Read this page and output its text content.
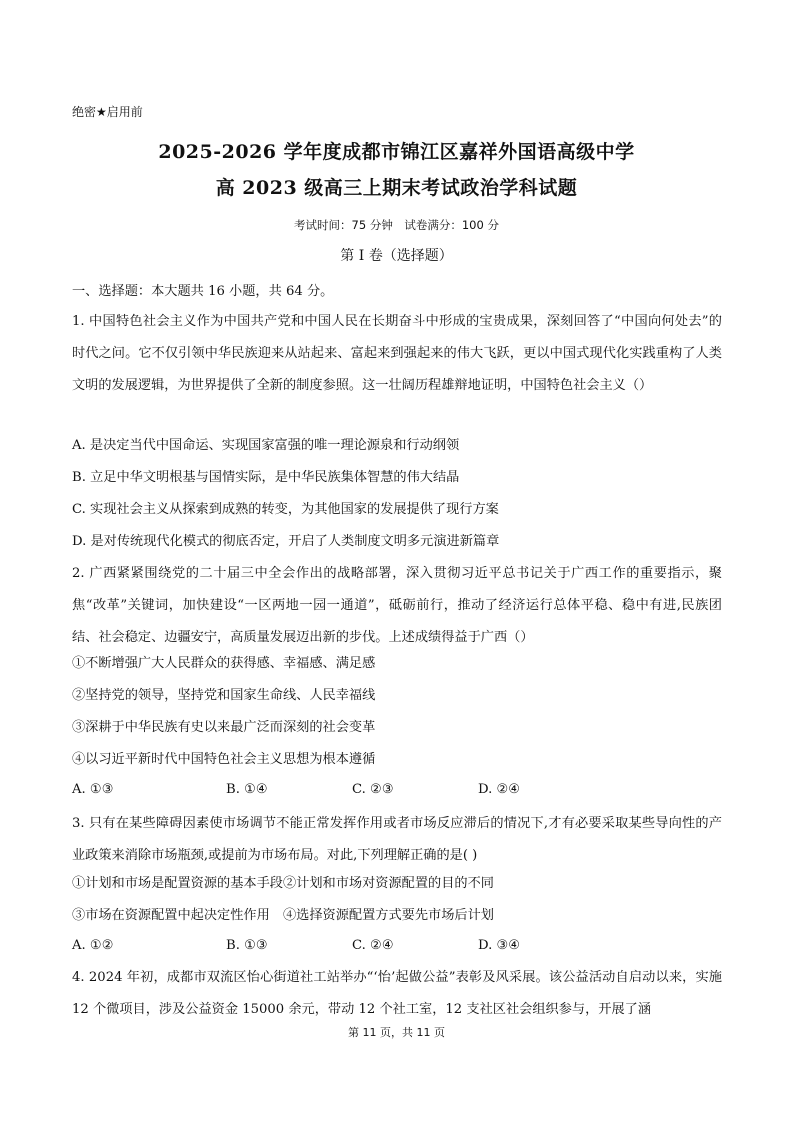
绝密★启用前
2025-2026 学年度成都市锦江区嘉祥外国语高级中学
高 2023 级高三上期末考试政治学科试题
考试时间：75 分钟　试卷满分：100 分
第 I 卷（选择题）
一、选择题：本大题共 16 小题，共 64 分。
1. 中国特色社会主义作为中国共产党和中国人民在长期奋斗中形成的宝贵成果，深刻回答了“中国向何处去”的时代之问。它不仅引领中华民族迎来从站起来、富起来到强起来的伟大飞跃，更以中国式现代化实践重构了人类文明的发展逻辑，为世界提供了全新的制度参照。这一壮阔历程雄辩地证明，中国特色社会主义（）
A. 是决定当代中国命运、实现国家富强的唯一理论源泉和行动纲领
B. 立足中华文明根基与国情实际，是中华民族集体智慧的伟大结晶
C. 实现社会主义从探索到成熟的转变，为其他国家的发展提供了现行方案
D. 是对传统现代化模式的彻底否定，开启了人类制度文明多元演进新篇章
2. 广西紧紧围绕党的二十届三中全会作出的战略部署，深入贯彻习近平总书记关于广西工作的重要指示，聚焦“改革”关键词，加快建设“一区两地一园一通道”，砥砺前行，推动了经济运行总体平稳、稳中有进,民族团结、社会稳定、边疆安宁，高质量发展迈出新的步伐。上述成绩得益于广西（）
①不断增强广大人民群众的获得感、幸福感、满足感
②坚持党的领导，坚持党和国家生命线、人民幸福线
③深耕于中华民族有史以来最广泛而深刻的社会变革
④以习近平新时代中国特色社会主义思想为根本遵循
A. ①③	B. ①④	C. ②③	D. ②④
3. 只有在某些障碍因素使市场调节不能正常发挥作用或者市场反应滞后的情况下,才有必要采取某些导向性的产业政策来消除市场瓶颈,或提前为市场布局。对此,下列理解正确的是( )
①计划和市场是配置资源的基本手段②计划和市场对资源配置的目的不同
③市场在资源配置中起决定性作用　④选择资源配置方式要先市场后计划
A. ①②	B. ①③	C. ②④	D. ③④
4. 2024 年初，成都市双流区怡心街道社工站举办“‘怡’起做公益”表彰及风采展。该公益活动自启动以来，实施 12 个微项目，涉及公益资金 15000 余元，带动 12 个社工室，12 支社区社会组织参与，开展了涵
第 11 页，共 11 页
